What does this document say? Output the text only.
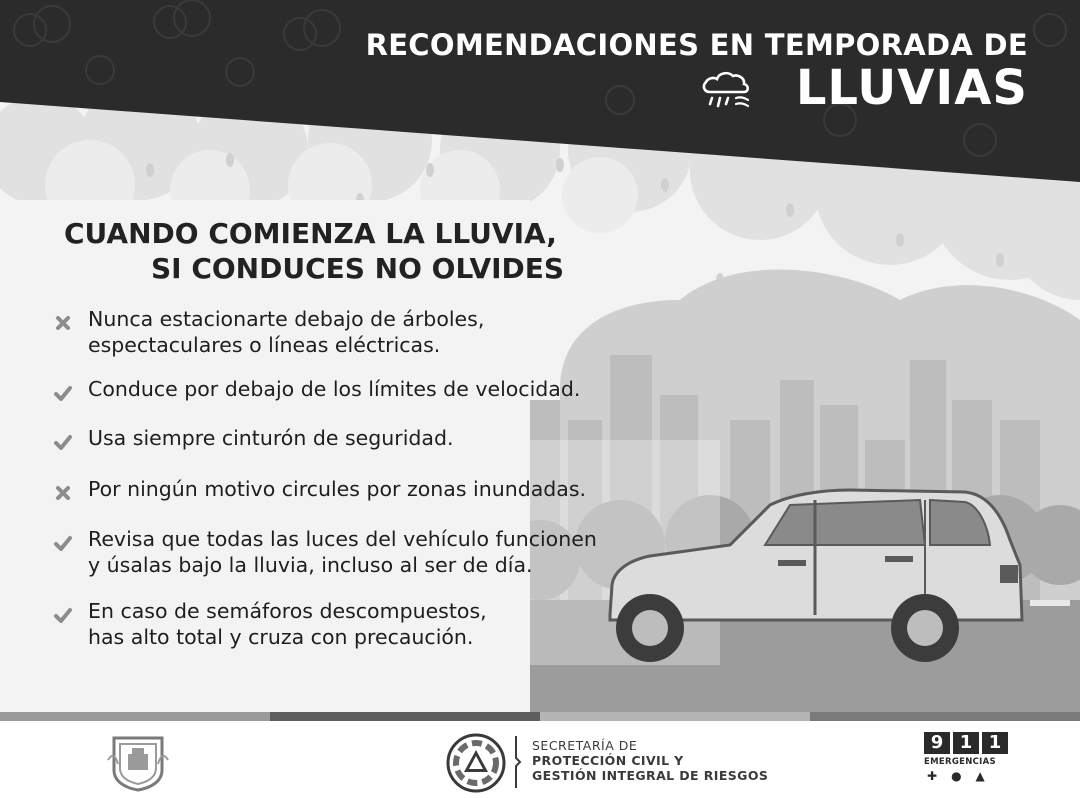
RECOMENDACIONES EN TEMPORADA DE
LLUVIAS
CUANDO COMIENZA LA LLUVIA,
SI CONDUCES NO OLVIDES
Nunca estacionarte debajo de árboles,
espectaculares o líneas eléctricas.
Conduce por debajo de los límites de velocidad.
Usa siempre cinturón de seguridad.
Por ningún motivo circules por zonas inundadas.
Revisa que todas las luces del vehículo funcionen
y úsalas bajo la lluvia, incluso al ser de día.
En caso de semáforos descompuestos,
has alto total y cruza con precaución.
SECRETARÍA DE
PROTECCIÓN CIVIL Y
GESTIÓN INTEGRAL DE RIESGOS
9 1 1
EMERGENCIAS
✚ ● ▲
